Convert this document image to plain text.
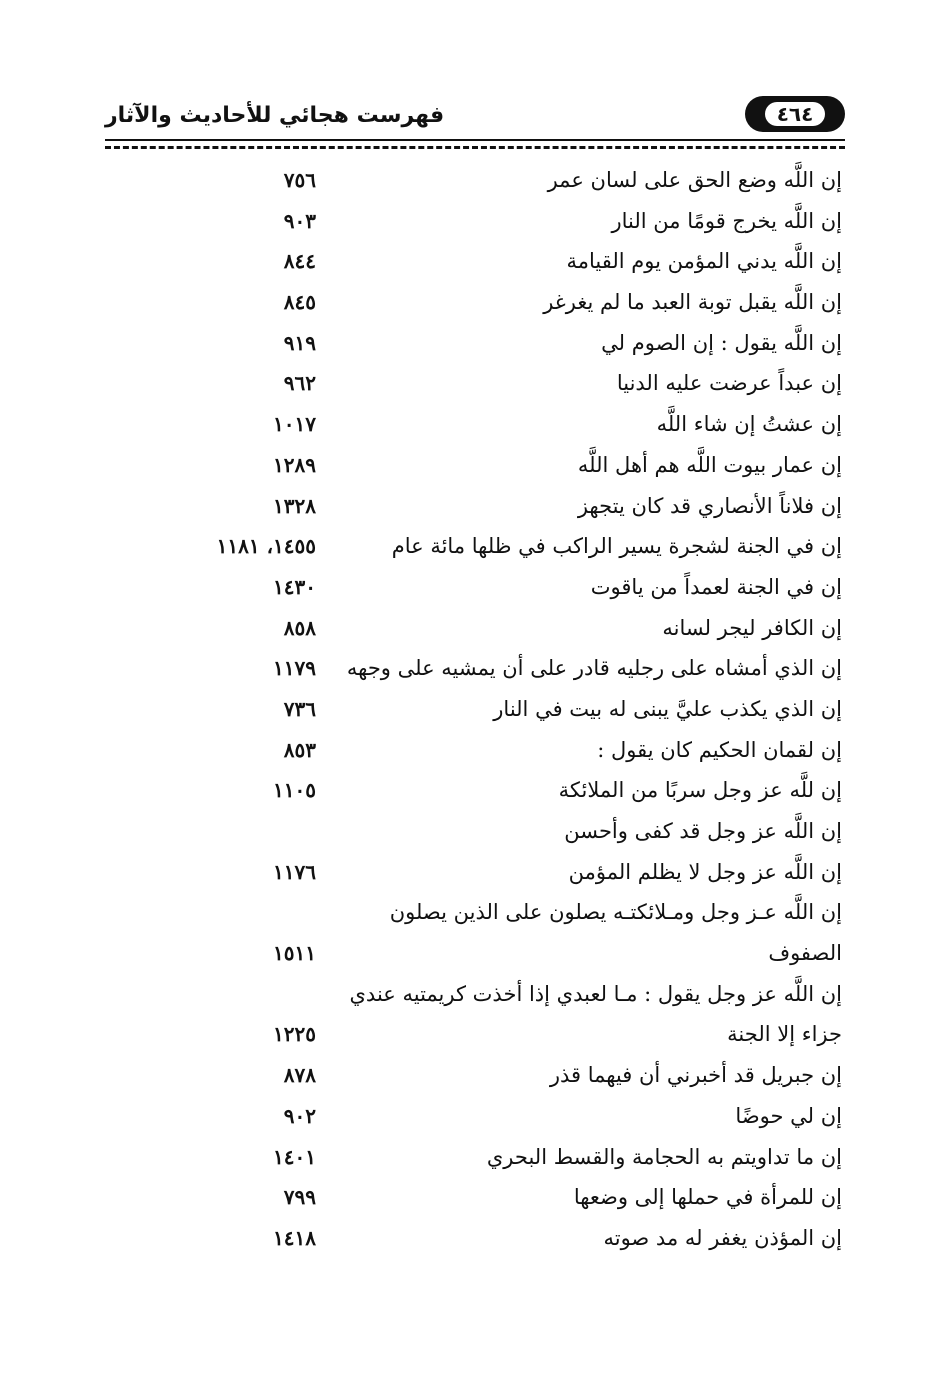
فهرست هجائي للأحاديث والآثار	٤٦٤
إن اللَّه وضع الحق على لسان عمر
٧٥٦
إن اللَّه يخرج قومًا من النار
٩٠٣
إن اللَّه يدني المؤمن يوم القيامة
٨٤٤
إن اللَّه يقبل توبة العبد ما لم يغرغر
٨٤٥
إن اللَّه يقول : إن الصوم لي
٩١٩
إن عبداً عرضت عليه الدنيا
٩٦٢
إن عشتُ إن شاء اللَّه
١٠١٧
إن عمار بيوت اللَّه هم أهل اللَّه
١٢٨٩
إن فلاناً الأنصاري قد كان يتجهز
١٣٢٨
إن في الجنة لشجرة يسير الراكب في ظلها مائة عام
١٤٥٥، ١١٨١
إن في الجنة لعمداً من ياقوت
١٤٣٠
إن الكافر ليجر لسانه
٨٥٨
إن الذي أمشاه على رجليه قادر على أن يمشيه على وجهه
١١٧٩
إن الذي يكذب عليَّ يبنى له بيت في النار
٧٣٦
إن لقمان الحكيم كان يقول :
٨٥٣
إن للَّه عز وجل سربًا من الملائكة
١١٠٥
إن اللَّه عز وجل قد كفى وأحسن
إن اللَّه عز وجل لا يظلم المؤمن
١١٧٦
إن اللَّه عـز وجل ومـلائكتـه يصلون على الذين يصلون
الصفوف
١٥١١
إن اللَّه عز وجل يقول : مـا لعبدي إذا أخذت كريمتيه عندي
جزاء إلا الجنة
١٢٢٥
إن جبريل قد أخبرني أن فيهما قذر
٨٧٨
إن لي حوضًا
٩٠٢
إن ما تداويتم به الحجامة والقسط البحري
١٤٠١
إن للمرأة في حملها إلى وضعها
٧٩٩
إن المؤذن يغفر له مد صوته
١٤١٨
